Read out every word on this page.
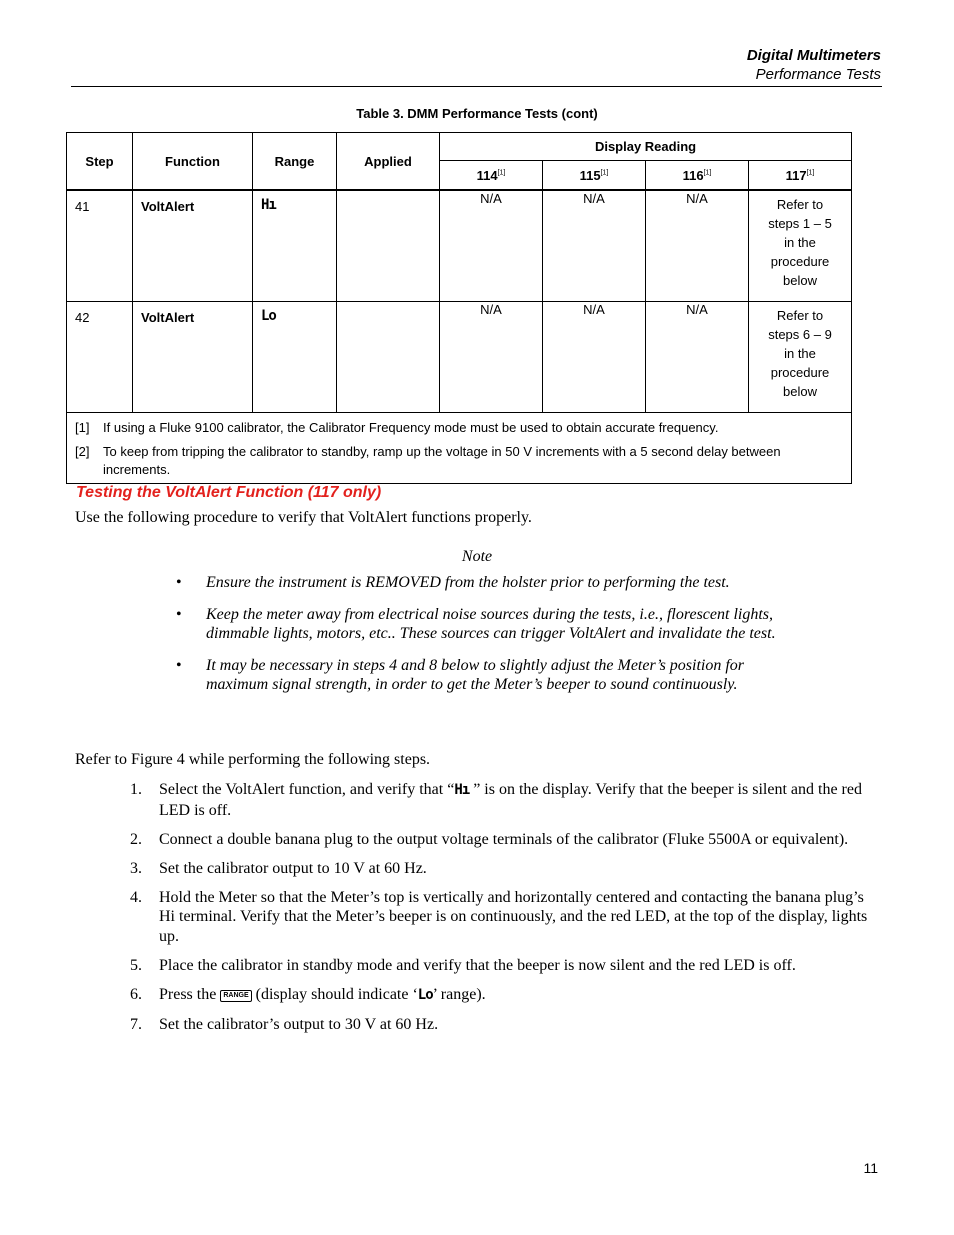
Digital Multimeters
Performance Tests
Table 3. DMM Performance Tests (cont)
Step	Function	Range	Applied	Display Reading			
				114[1]	115[1]	116[1]	117[1]
41	VoltAlert	Hı		N/A	N/A	N/A	Refer to
steps 1 – 5
in the
procedure
below
42	VoltAlert	Lo		N/A	N/A	N/A	Refer to
steps 6 – 9
in the
procedure
below

[1] If using a Fluke 9100 calibrator, the Calibrator Frequency mode must be used to obtain accurate frequency.
[2] To keep from tripping the calibrator to standby, ramp up the voltage in 50 V increments with a 5 second delay between increments.							
Testing the VoltAlert Function (117 only)
Use the following procedure to verify that VoltAlert functions properly.
Note
• Ensure the instrument is REMOVED from the holster prior to performing the test.
• Keep the meter away from electrical noise sources during the tests, i.e., florescent lights, dimmable lights, motors, etc.. These sources can trigger VoltAlert and invalidate the test.
• It may be necessary in steps 4 and 8 below to slightly adjust the Meter’s position for maximum signal strength, in order to get the Meter’s beeper to sound continuously.
Refer to Figure 4 while performing the following steps.
1. Select the VoltAlert function, and verify that “Hı ” is on the display. Verify that the beeper is silent and the red LED is off.
2. Connect a double banana plug to the output voltage terminals of the calibrator (Fluke 5500A or equivalent).
3. Set the calibrator output to 10 V at 60 Hz.
4. Hold the Meter so that the Meter’s top is vertically and horizontally centered and contacting the banana plug’s Hi terminal. Verify that the Meter’s beeper is on continuously, and the red LED, at the top of the display, lights up.
5. Place the calibrator in standby mode and verify that the beeper is now silent and the red LED is off.
6. Press the RANGE (display should indicate ‘Lo’ range).
7. Set the calibrator’s output to 30 V at 60 Hz.
11
